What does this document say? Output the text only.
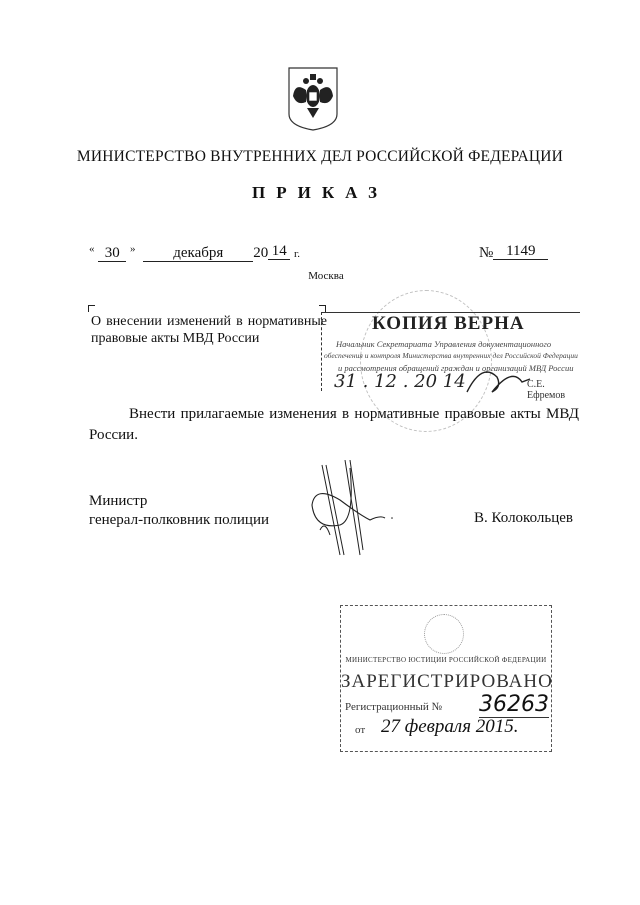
МИНИСТЕРСТВО ВНУТРЕННИХ ДЕЛ РОССИЙСКОЙ ФЕДЕРАЦИИ
ПРИКАЗ
« 30 »	декабря 20 14 г.
Москва
№ 1149
О внесении изменений в нормативные правовые акты МВД России
КОПИЯ ВЕРНА
Начальник Секретариата Управления документационного
обеспечения и контроля Министерства внутренних дел Российской Федерации
и рассмотрения обращений граждан и организаций МВД России
31 . 12 . 20 14	С.Е. Ефремов
Внести прилагаемые изменения в нормативные правовые акты МВД России.
Министр
генерал-полковник полиции	В. Колокольцев
МИНИСТЕРСТВО ЮСТИЦИИ РОССИЙСКОЙ ФЕДЕРАЦИИ
ЗАРЕГИСТРИРОВАНО
Регистрационный № 36263
от 27 февраля 2015.
